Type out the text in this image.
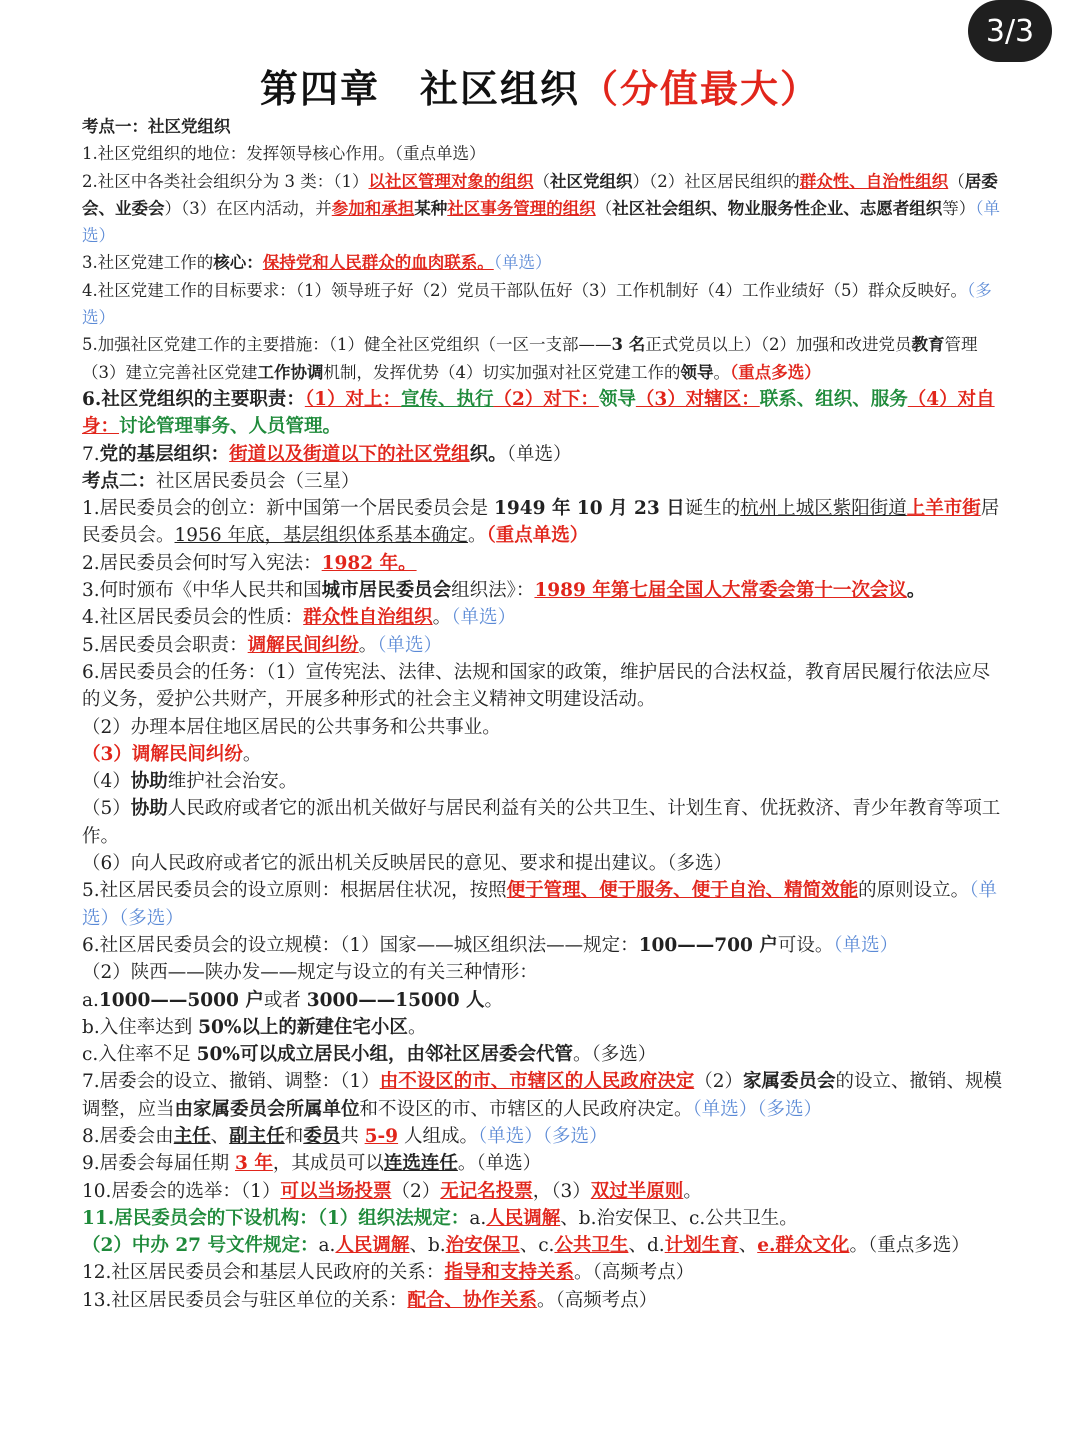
3/3
第四章　社区组织（分值最大）

考点一：社区党组织

1.社区党组织的地位：发挥领导核心作用。（重点单选）

2.社区中各类社会组织分为 3 类：（1）以社区管理对象的组织（社区党组织）（2）社区居民组织的群众性、自治性组织（居委会、业委会）（3）在区内活动，并参加和承担某种社区事务管理的组织（社区社会组织、物业服务性企业、志愿者组织等）（单选）

3.社区党建工作的核心：保持党和人民群众的血肉联系。（单选）

4.社区党建工作的目标要求：（1）领导班子好（2）党员干部队伍好（3）工作机制好（4）工作业绩好（5）群众反映好。（多选）

5.加强社区党建工作的主要措施：（1）健全社区党组织（一区一支部——3 名正式党员以上）（2）加强和改进党员教育管理（3）建立完善社区党建工作协调机制，发挥优势（4）切实加强对社区党建工作的领导。（重点多选）

6.社区党组织的主要职责：（1）对上：宣传、执行（2）对下：领导（3）对辖区：联系、组织、服务（4）对自身：讨论管理事务、人员管理。

7.党的基层组织：街道以及街道以下的社区党组织。（单选）

考点二：社区居民委员会（三星）

1.居民委员会的创立：新中国第一个居民委员会是 1949 年 10 月 23 日诞生的杭州上城区紫阳街道上羊市街居民委员会。1956 年底，基层组织体系基本确定。（重点单选）

2.居民委员会何时写入宪法：1982 年。

3.何时颁布《中华人民共和国城市居民委员会组织法》：1989 年第七届全国人大常委会第十一次会议。

4.社区居民委员会的性质：群众性自治组织。（单选）

5.居民委员会职责：调解民间纠纷。（单选）

6.居民委员会的任务：（1）宣传宪法、法律、法规和国家的政策，维护居民的合法权益，教育居民履行依法应尽的义务，爱护公共财产，开展多种形式的社会主义精神文明建设活动。

（2）办理本居住地区居民的公共事务和公共事业。

（3）调解民间纠纷。

（4）协助维护社会治安。

（5）协助人民政府或者它的派出机关做好与居民利益有关的公共卫生、计划生育、优抚救济、青少年教育等项工作。

（6）向人民政府或者它的派出机关反映居民的意见、要求和提出建议。（多选）

5.社区居民委员会的设立原则：根据居住状况，按照便于管理、便于服务、便于自治、精简效能的原则设立。（单选）（多选）

6.社区居民委员会的设立规模：（1）国家——城区组织法——规定：100——700 户可设。（单选）

（2）陕西——陕办发——规定与设立的有关三种情形：

a.1000——5000 户或者 3000——15000 人。

b.入住率达到 50%以上的新建住宅小区。

c.入住率不足 50%可以成立居民小组，由邻社区居委会代管。（多选）

7.居委会的设立、撤销、调整：（1）由不设区的市、市辖区的人民政府决定（2）家属委员会的设立、撤销、规模调整，应当由家属委员会所属单位和不设区的市、市辖区的人民政府决定。（单选）（多选）

8.居委会由主任、副主任和委员共 5-9 人组成。（单选）（多选）

9.居委会每届任期 3 年，其成员可以连选连任。（单选）

10.居委会的选举：（1）可以当场投票（2）无记名投票，（3）双过半原则。

11.居民委员会的下设机构：（1）组织法规定：a.人民调解、b.治安保卫、c.公共卫生。

（2）中办 27 号文件规定：a.人民调解、b.治安保卫、c.公共卫生、d.计划生育、e.群众文化。（重点多选）

12.社区居民委员会和基层人民政府的关系：指导和支持关系。（高频考点）

13.社区居民委员会与驻区单位的关系：配合、协作关系。（高频考点）
